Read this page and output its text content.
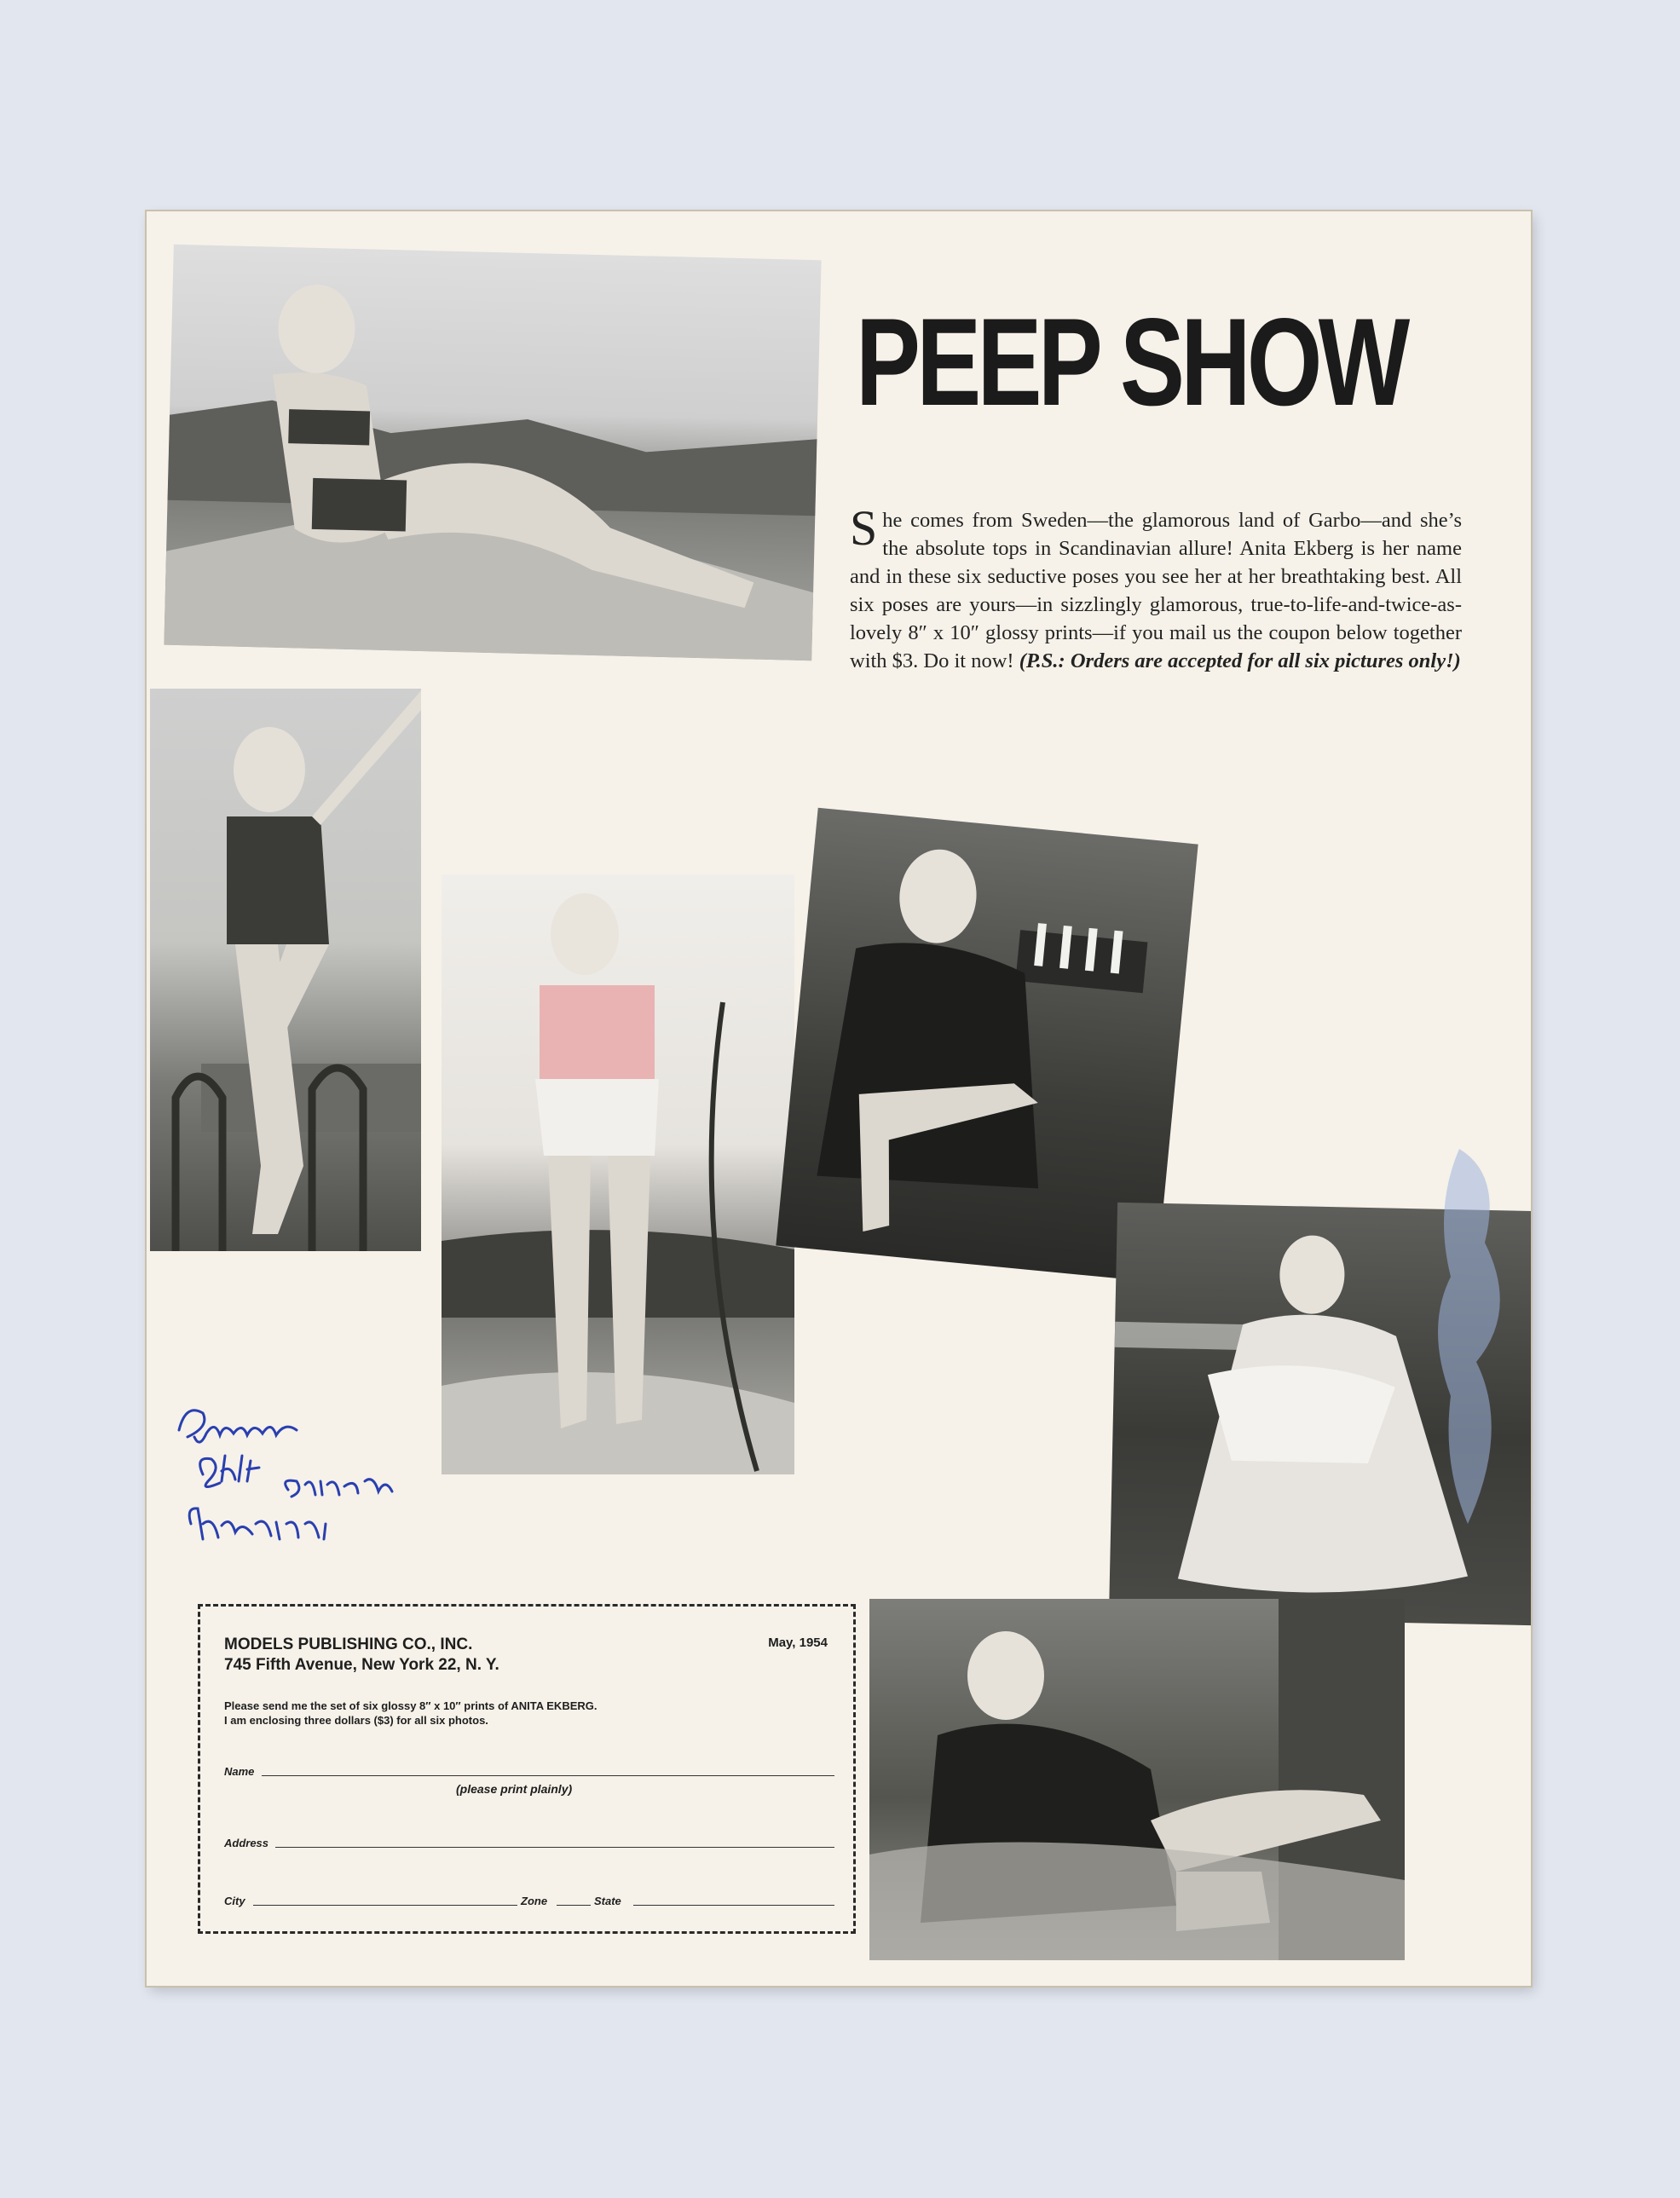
PEEP SHOW
She comes from Sweden—the glamorous land of Garbo—and she’s the absolute tops in Scandinavian allure! Anita Ekberg is her name and in these six seductive poses you see her at her breathtaking best. All six poses are yours—in sizzlingly glamorous, true-to-life-and-twice-as-lovely 8″ x 10″ glossy prints—if you mail us the coupon below together with $3. Do it now! (P.S.: Orders are accepted for all six pictures only!)
MODELS PUBLISHING CO., INC.
745 Fifth Avenue, New York 22, N. Y.
May, 1954
Please send me the set of six glossy 8″ x 10″ prints of ANITA EKBERG.
I am enclosing three dollars ($3) for all six photos.
Name
(please print plainly)
Address
City	Zone	State
